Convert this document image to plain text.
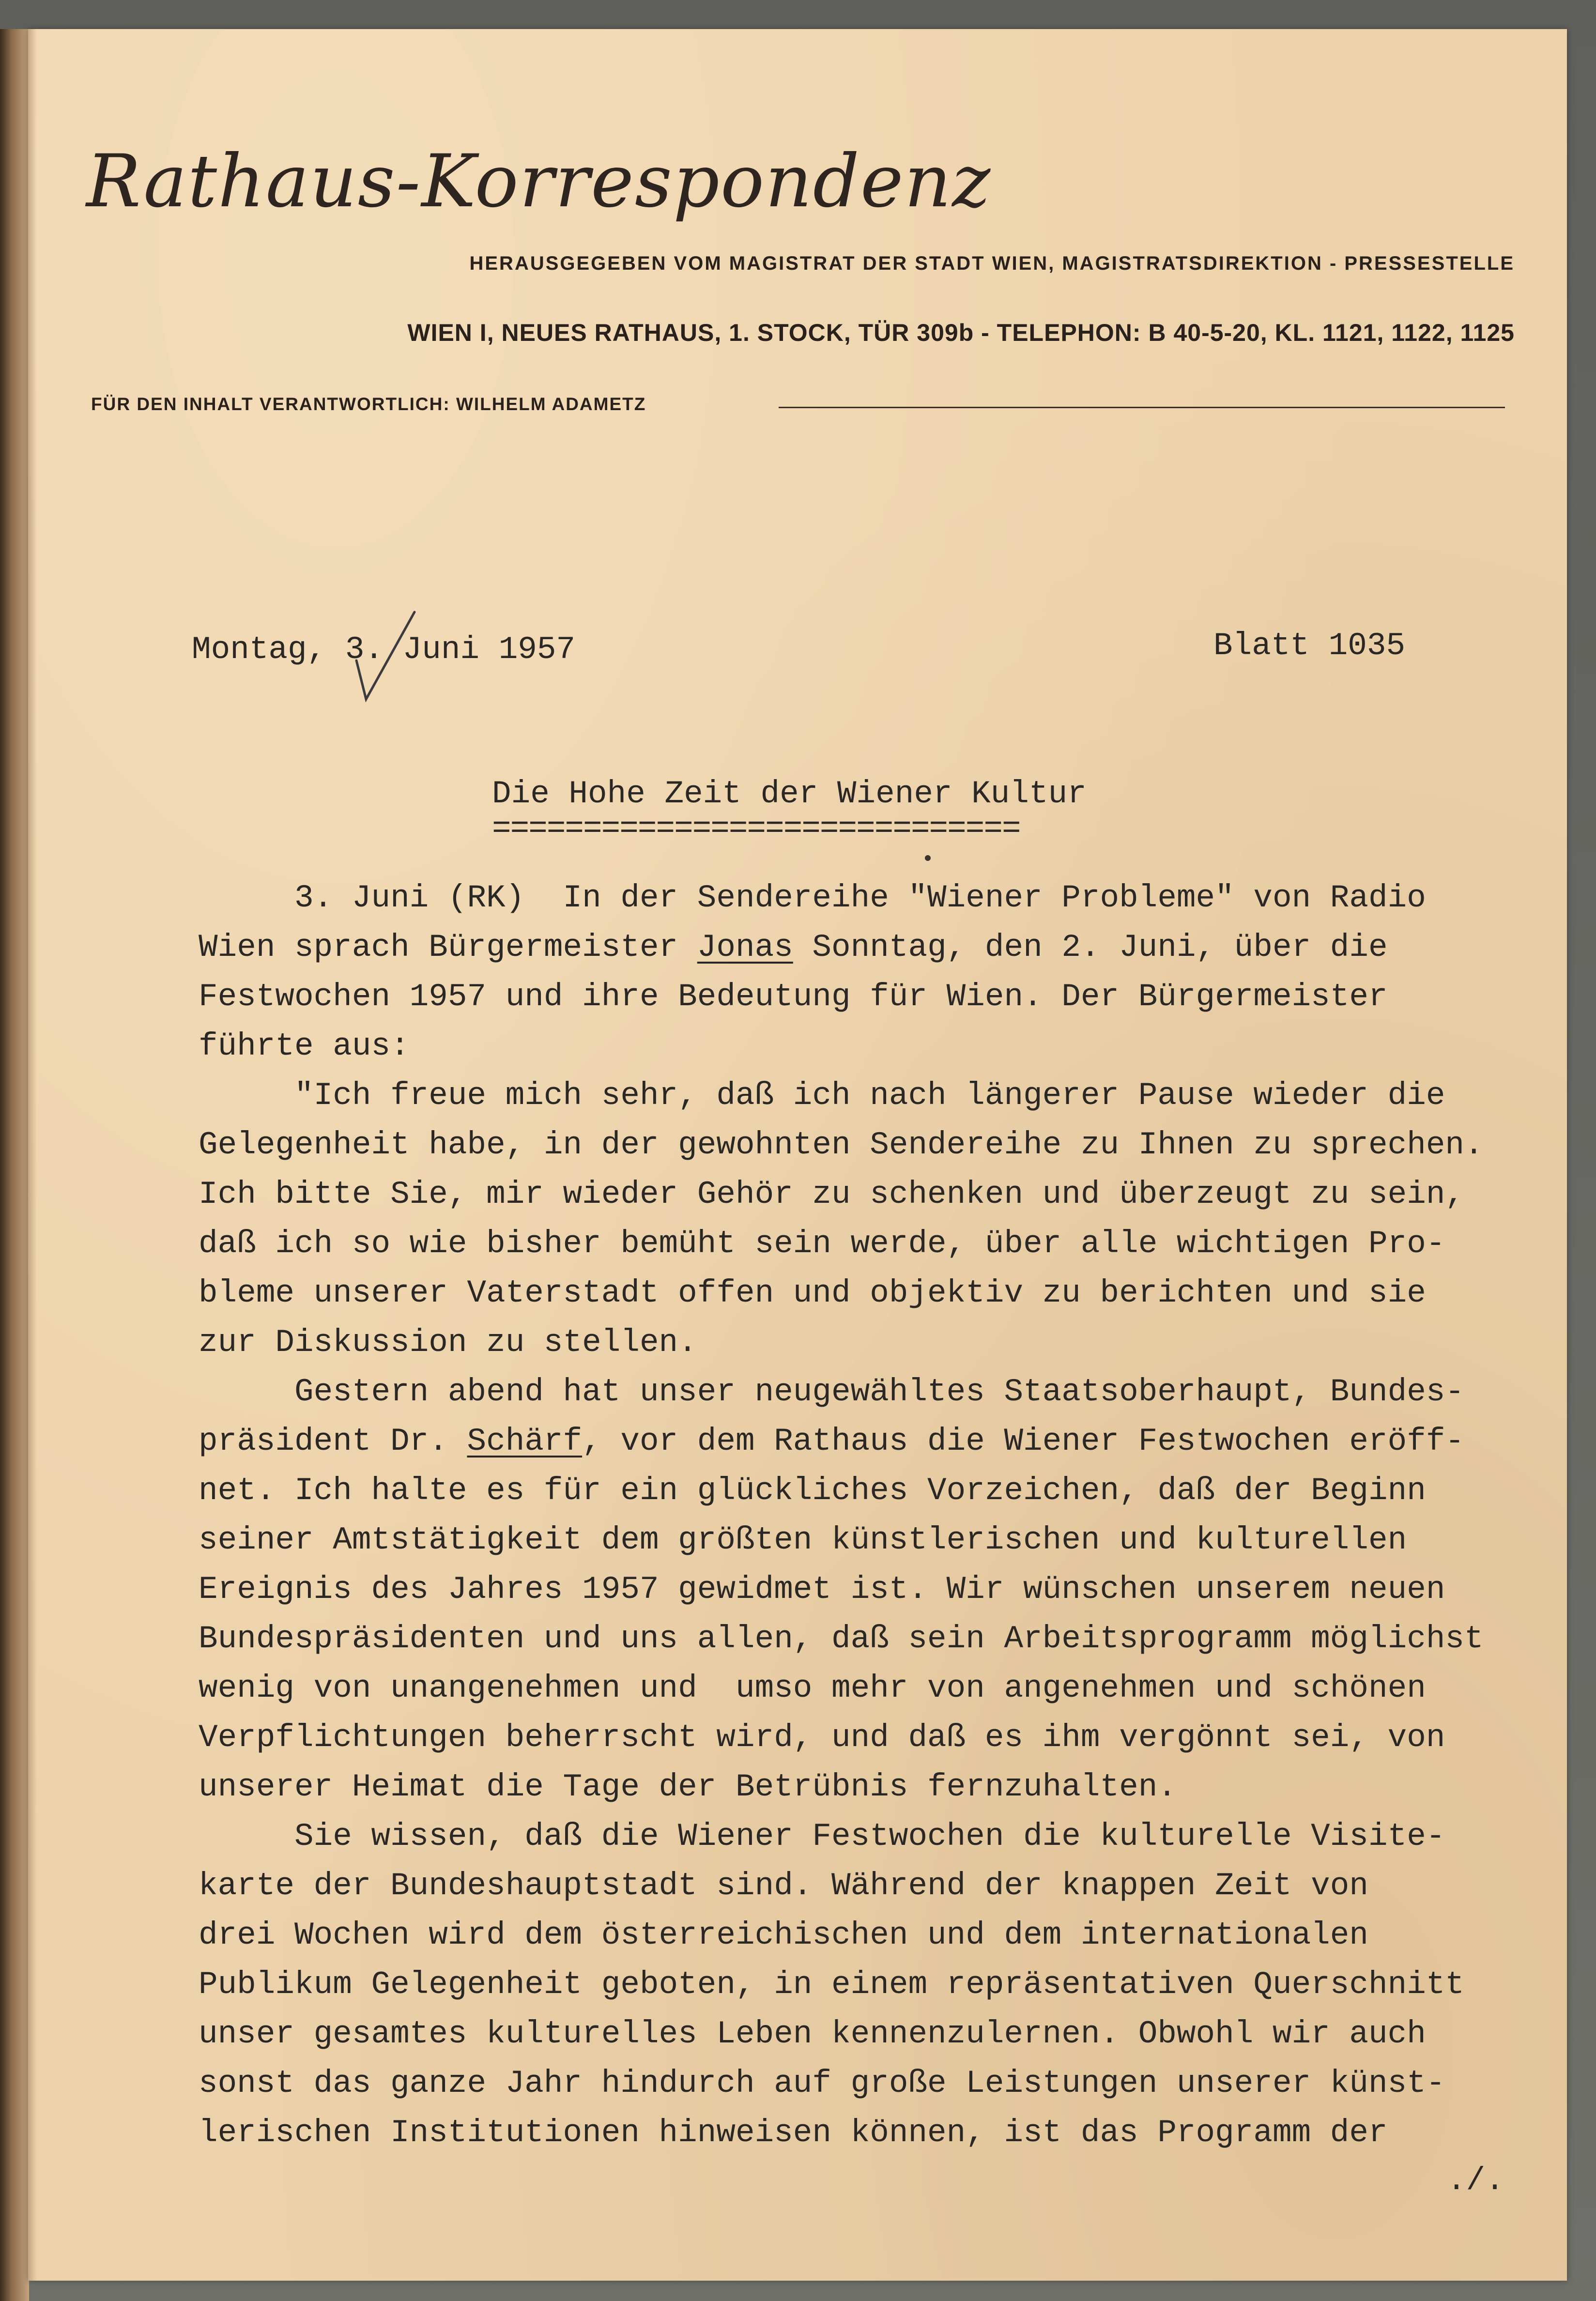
Rathaus-Korrespondenz
HERAUSGEGEBEN VOM MAGISTRAT DER STADT WIEN, MAGISTRATSDIREKTION - PRESSESTELLE
WIEN I, NEUES RATHAUS, 1. STOCK, TÜR 309b - TELEPHON: B 40-5-20, KL. 1121, 1122, 1125
FÜR DEN INHALT VERANTWORTLICH: WILHELM ADAMETZ
Montag, 3. Juni 1957	Blatt 1035
Die Hohe Zeit der Wiener Kultur
=============================
3. Juni (RK)  In der Sendereihe "Wiener Probleme" von Radio
Wien sprach Bürgermeister Jonas Sonntag, den 2. Juni, über die
Festwochen 1957 und ihre Bedeutung für Wien. Der Bürgermeister
führte aus:
"Ich freue mich sehr, daß ich nach längerer Pause wieder die
Gelegenheit habe, in der gewohnten Sendereihe zu Ihnen zu sprechen.
Ich bitte Sie, mir wieder Gehör zu schenken und überzeugt zu sein,
daß ich so wie bisher bemüht sein werde, über alle wichtigen Pro-
bleme unserer Vaterstadt offen und objektiv zu berichten und sie
zur Diskussion zu stellen.
Gestern abend hat unser neugewähltes Staatsoberhaupt, Bundes-
präsident Dr. Schärf, vor dem Rathaus die Wiener Festwochen eröff-
net. Ich halte es für ein glückliches Vorzeichen, daß der Beginn
seiner Amtstätigkeit dem größten künstlerischen und kulturellen
Ereignis des Jahres 1957 gewidmet ist. Wir wünschen unserem neuen
Bundespräsidenten und uns allen, daß sein Arbeitsprogramm möglichst
wenig von unangenehmen und  umso mehr von angenehmen und schönen
Verpflichtungen beherrscht wird, und daß es ihm vergönnt sei, von
unserer Heimat die Tage der Betrübnis fernzuhalten.
Sie wissen, daß die Wiener Festwochen die kulturelle Visite-
karte der Bundeshauptstadt sind. Während der knappen Zeit von
drei Wochen wird dem österreichischen und dem internationalen
Publikum Gelegenheit geboten, in einem repräsentativen Querschnitt
unser gesamtes kulturelles Leben kennenzulernen. Obwohl wir auch
sonst das ganze Jahr hindurch auf große Leistungen unserer künst-
lerischen Institutionen hinweisen können, ist das Programm der
./.
